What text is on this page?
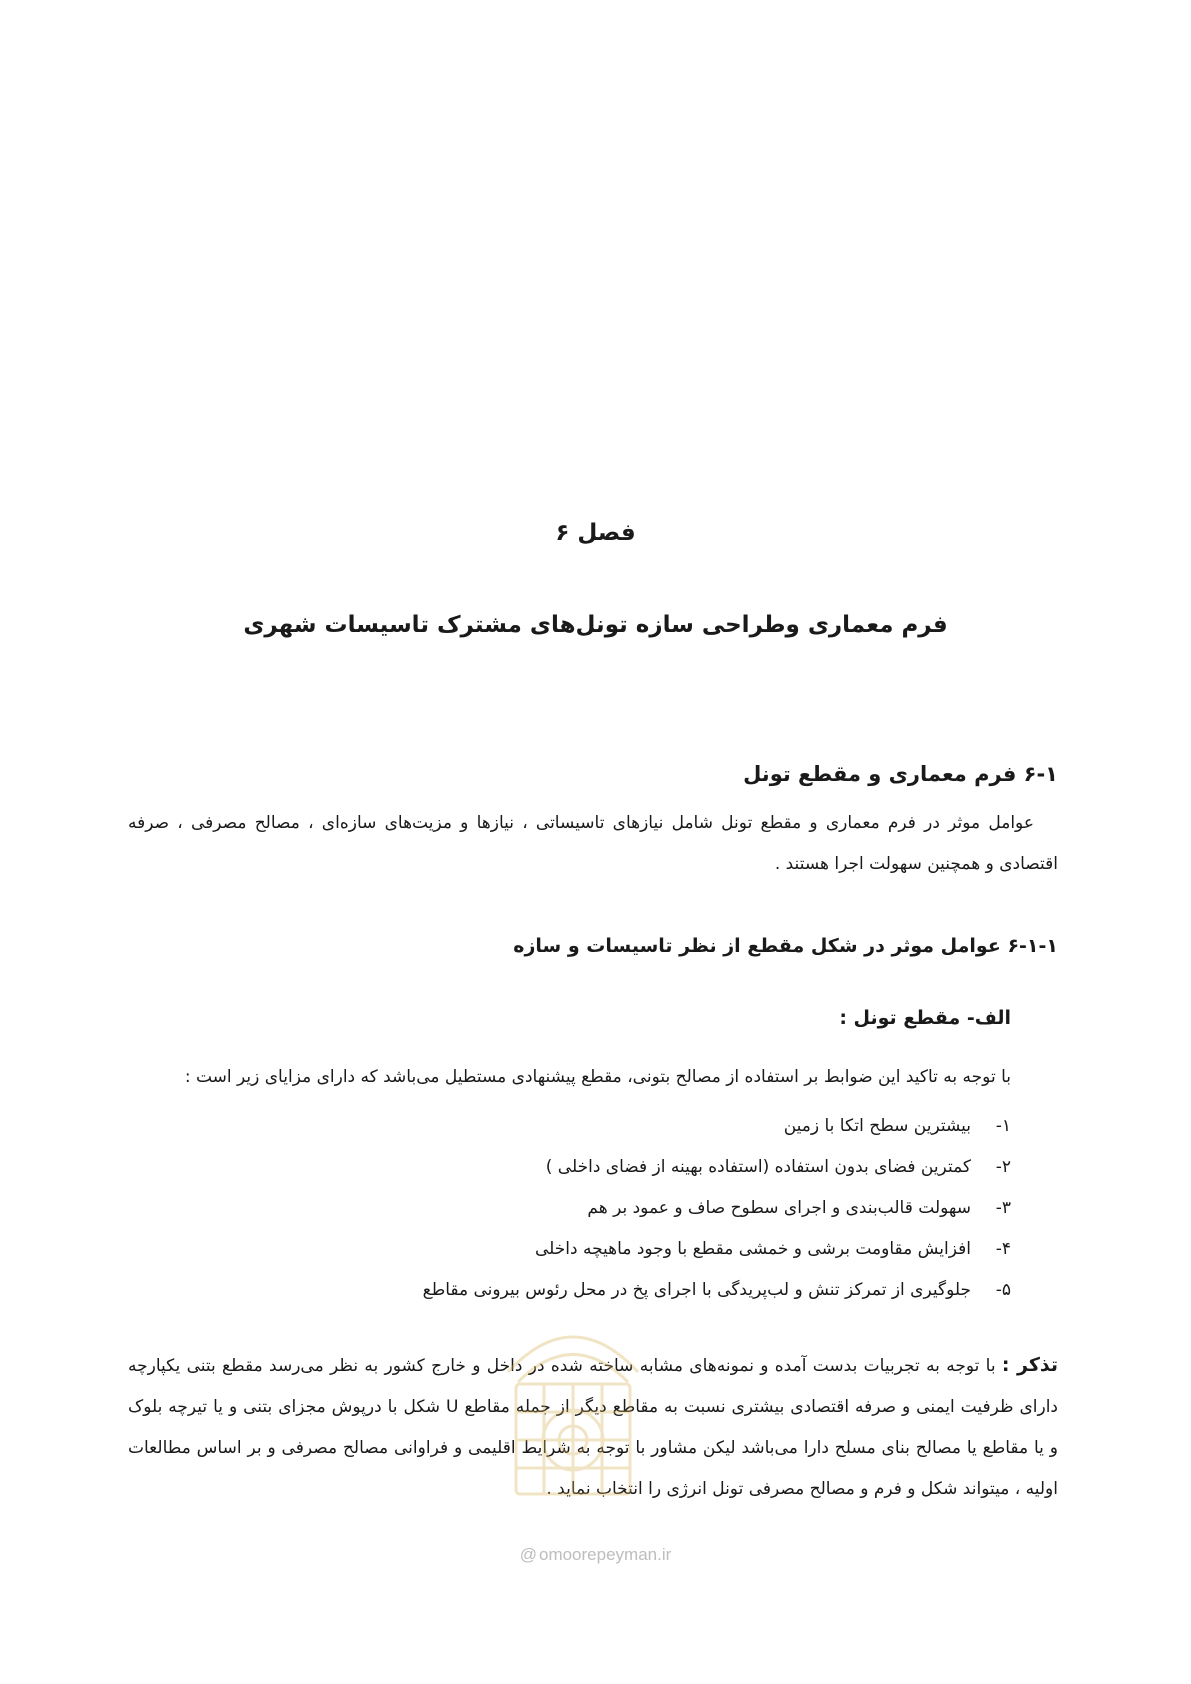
فصل ۶
فرم معماری وطراحی سازه تونل‌های مشترک تاسیسات شهری
۶-۱ فرم معماری و مقطع تونل
عوامل موثر در فرم معماری و مقطع تونل شامل نیازهای تاسیساتی ، نیازها و مزیت‌های سازه‌ای ، مصالح مصرفی ، صرفه اقتصادی و همچنین سهولت اجرا هستند .
۶-۱-۱ عوامل موثر در شکل مقطع از نظر تاسیسات و سازه
الف- مقطع تونل :
با توجه به تاکید این ضوابط بر استفاده از مصالح بتونی، مقطع پیشنهادی مستطیل می‌باشد که دارای مزایای زیر است :
۱-
بیشترین سطح اتکا با زمین
۲-
کمترین فضای بدون استفاده (استفاده بهینه از فضای داخلی )
۳-
سهولت قالب‌بندی و اجرای سطوح صاف و عمود بر هم
۴-
افزایش مقاومت برشی و خمشی مقطع با وجود ماهیچه داخلی
۵-
جلوگیری از تمرکز تنش و لب‌پریدگی با اجرای پخ در محل رئوس بیرونی مقاطع
تذکر : با توجه به تجربیات بدست آمده و نمونه‌های مشابه ساخته شده در داخل و خارج کشور به نظر می‌رسد مقطع بتنی یکپارچه دارای ظرفیت ایمنی و صرفه اقتصادی بیشتری نسبت به مقاطع دیگر از جمله مقاطع U شکل با درپوش مجزای بتنی و یا تیرچه بلوک و یا مقاطع یا مصالح بنای مسلح دارا می‌باشد لیکن مشاور با توجه به شرایط اقلیمی و فراوانی مصالح مصرفی و بر اساس مطالعات اولیه ، میتواند شکل و فرم و مصالح مصرفی تونل انرژی را انتخاب نماید .
@ omoorepeyman.ir
